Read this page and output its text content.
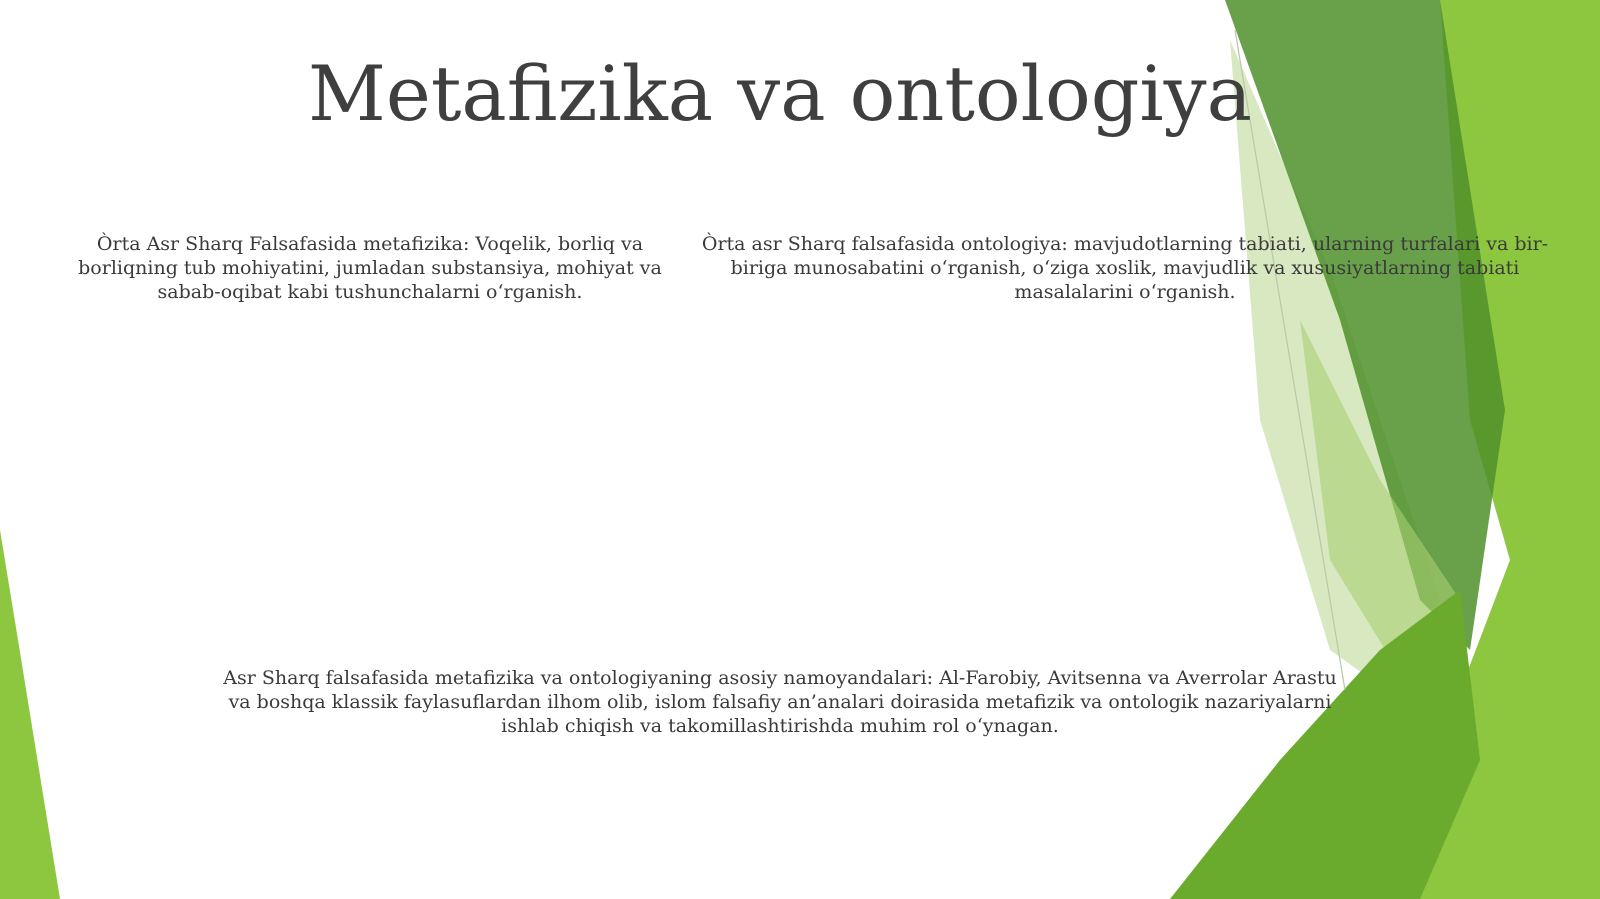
Metafizika va ontologiya

Òrta Asr Sharq Falsafasida metafizika: Voqelik, borliq va borliqning tub mohiyatini, jumladan substansiya, mohiyat va sabab-oqibat kabi tushunchalarni oʻrganish.

Òrta asr Sharq falsafasida ontologiya: mavjudotlarning tabiati, ularning turfalari va bir-biriga munosabatini oʻrganish, oʻziga xoslik, mavjudlik va xususiyatlarning tabiati masalalarini oʻrganish.

Asr Sharq falsafasida metafizika va ontologiyaning asosiy namoyandalari: Al-Farobiy, Avitsenna va Averrolar Arastu va boshqa klassik faylasuflardan ilhom olib, islom falsafiy an’analari doirasida metafizik va ontologik nazariyalarni ishlab chiqish va takomillashtirishda muhim rol oʻynagan.
